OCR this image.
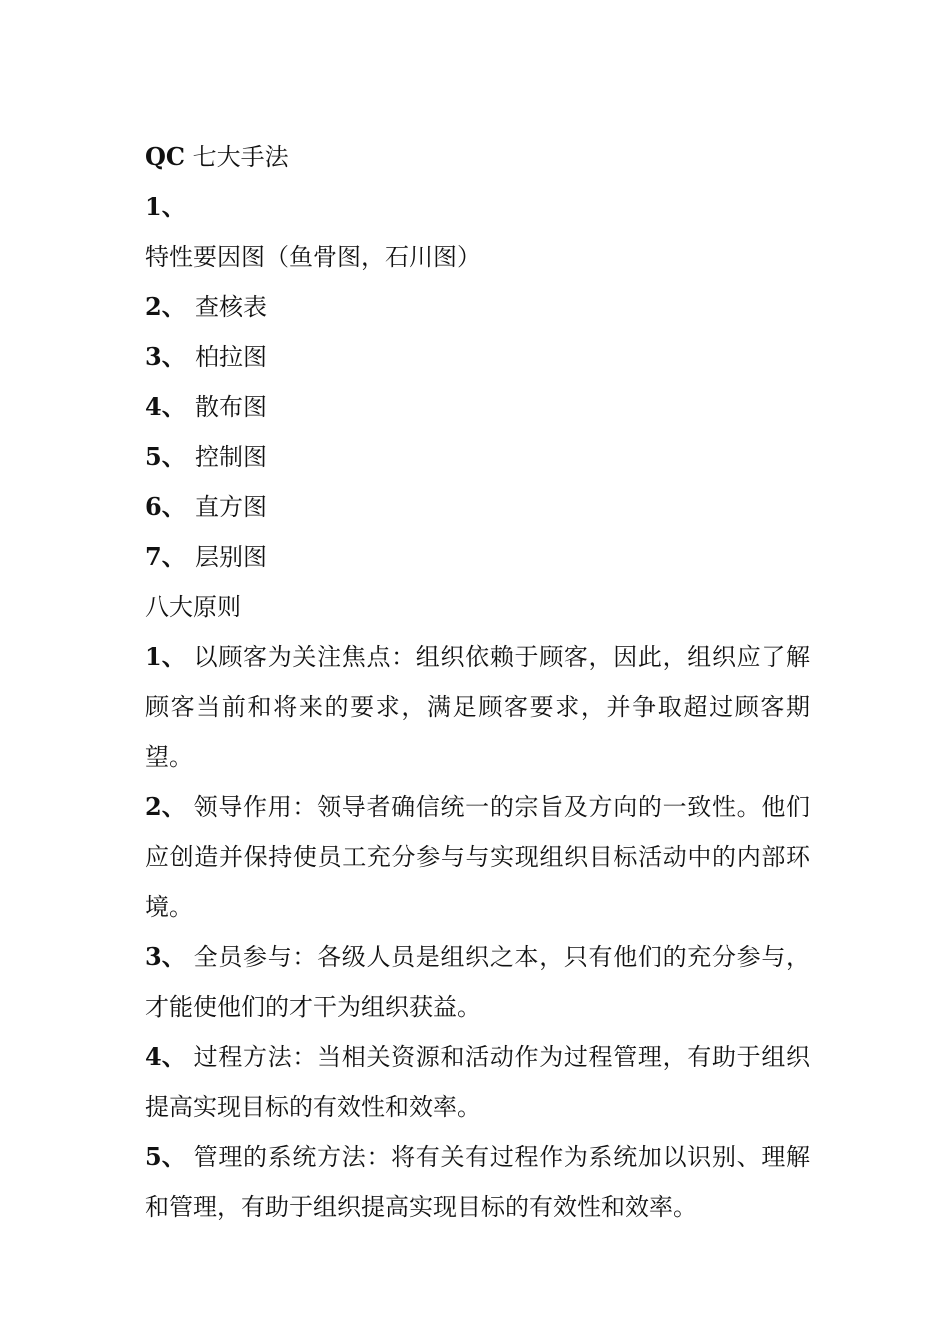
QC 七大手法
1、
特性要因图（鱼骨图，石川图）
2、 查核表
3、 柏拉图
4、 散布图
5、 控制图
6、 直方图
7、 层别图
八大原则

1、 以顾客为关注焦点：组织依赖于顾客，因此，组织应了解顾客当前和将来的要求，满足顾客要求，并争取超过顾客期望。

2、 领导作用：领导者确信统一的宗旨及方向的一致性。他们应创造并保持使员工充分参与与实现组织目标活动中的内部环境。

3、 全员参与：各级人员是组织之本，只有他们的充分参与，才能使他们的才干为组织获益。

4、 过程方法：当相关资源和活动作为过程管理，有助于组织提高实现目标的有效性和效率。

5、 管理的系统方法：将有关有过程作为系统加以识别、理解和管理，有助于组织提高实现目标的有效性和效率。
